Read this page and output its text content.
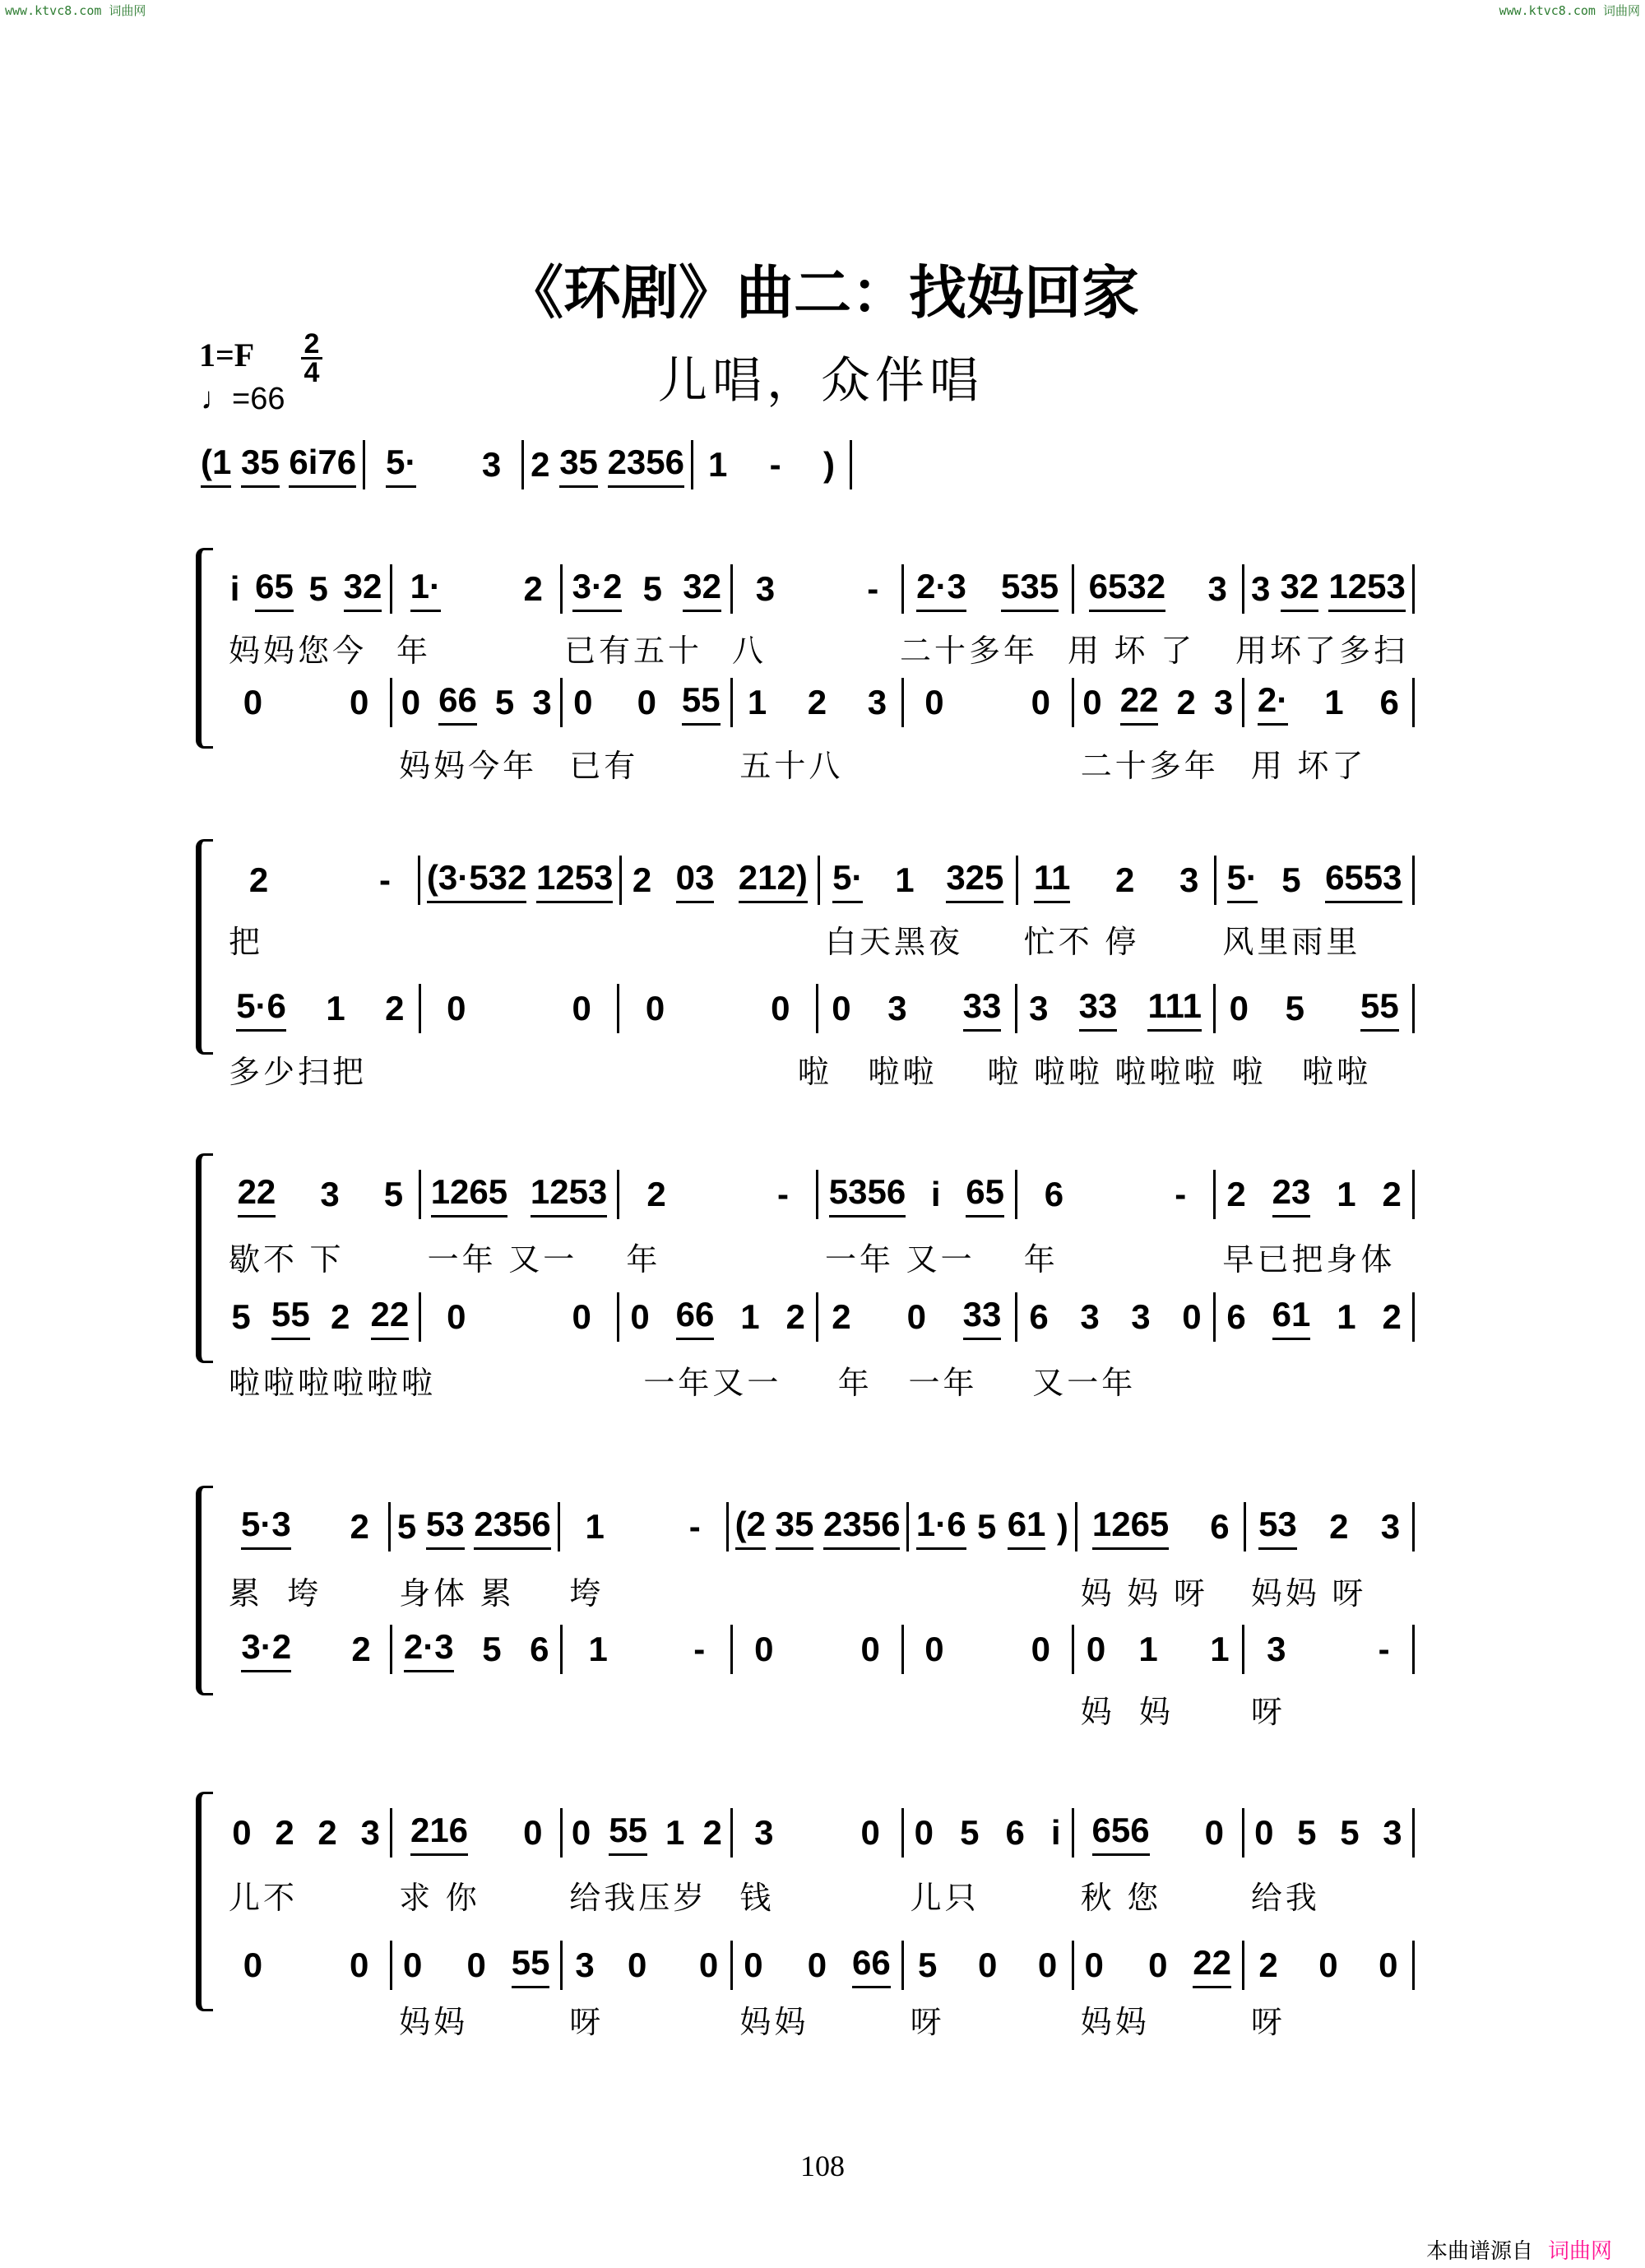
www.ktvc8.com 词曲网	www.ktvc8.com 词曲网
《环剧》曲二：找妈回家
1=F 2
4
♩=66	儿唱，众伴唱
(1
35
6i76 5·
3 2
35
2356 1
-
)
i
65
5
32 1·
2 3·2
5
32 3
	- 2·3
535 6532
3 3
32
1253
妈妈您今 年	已有五十 八	二十多年 用 坏 了	用坏了多扫
0
	0 0
66
5
3 0
0
55 1
2
3 0
	0 0
22
2
3 2·
1
6
妈妈今年	已有	五十八	二十多年	用 坏了
2
	- (3·532
1253 2
03
212) 5·
1
325 11
2
3 5·
5
6553
把	白天黑夜	忙不 停	风里雨里
5·6
1
2 0
	0 0
	0 0
3
33 3
33
111 0
5
55
多少扫把	啦   啦啦	啦 啦啦 啦啦啦 啦   啦啦
22
3
5 1265
1253 2
	- 5356
i
65 6
	- 2
23
1
2
歇不 下	一年 又一	年	一年 又一	年	早已把身体
5
55
2
22 0
	0 0
66
1
2 2
0
33 6
3
3
0 6
61
1
2
啦啦啦啦啦啦	一年又一	年   一年	又一年
5·3
2 5
53
2356 1
- (2
35
2356 1·6
5
61
) 1265
6 53
2
3
累  垮	身体 累	垮	妈 妈 呀	妈妈 呀
3·2
2 2·3
5
6 1
- 0
	0 0
	0 0
1
1 3
	-
妈  妈	呀
0
2
2
3 216
0 0
55
1
2 3
	0 0
5
6
i 656
0 0
5
5
3
儿不	求 你	给我压岁	钱	儿只	秋 您	给我
0
	0 0
0
55 3
0
0 0
0
66 5
0
0 0
0
22 2
0
0
妈妈	呀	妈妈	呀	妈妈	呀
108
本曲谱源自 词曲网
